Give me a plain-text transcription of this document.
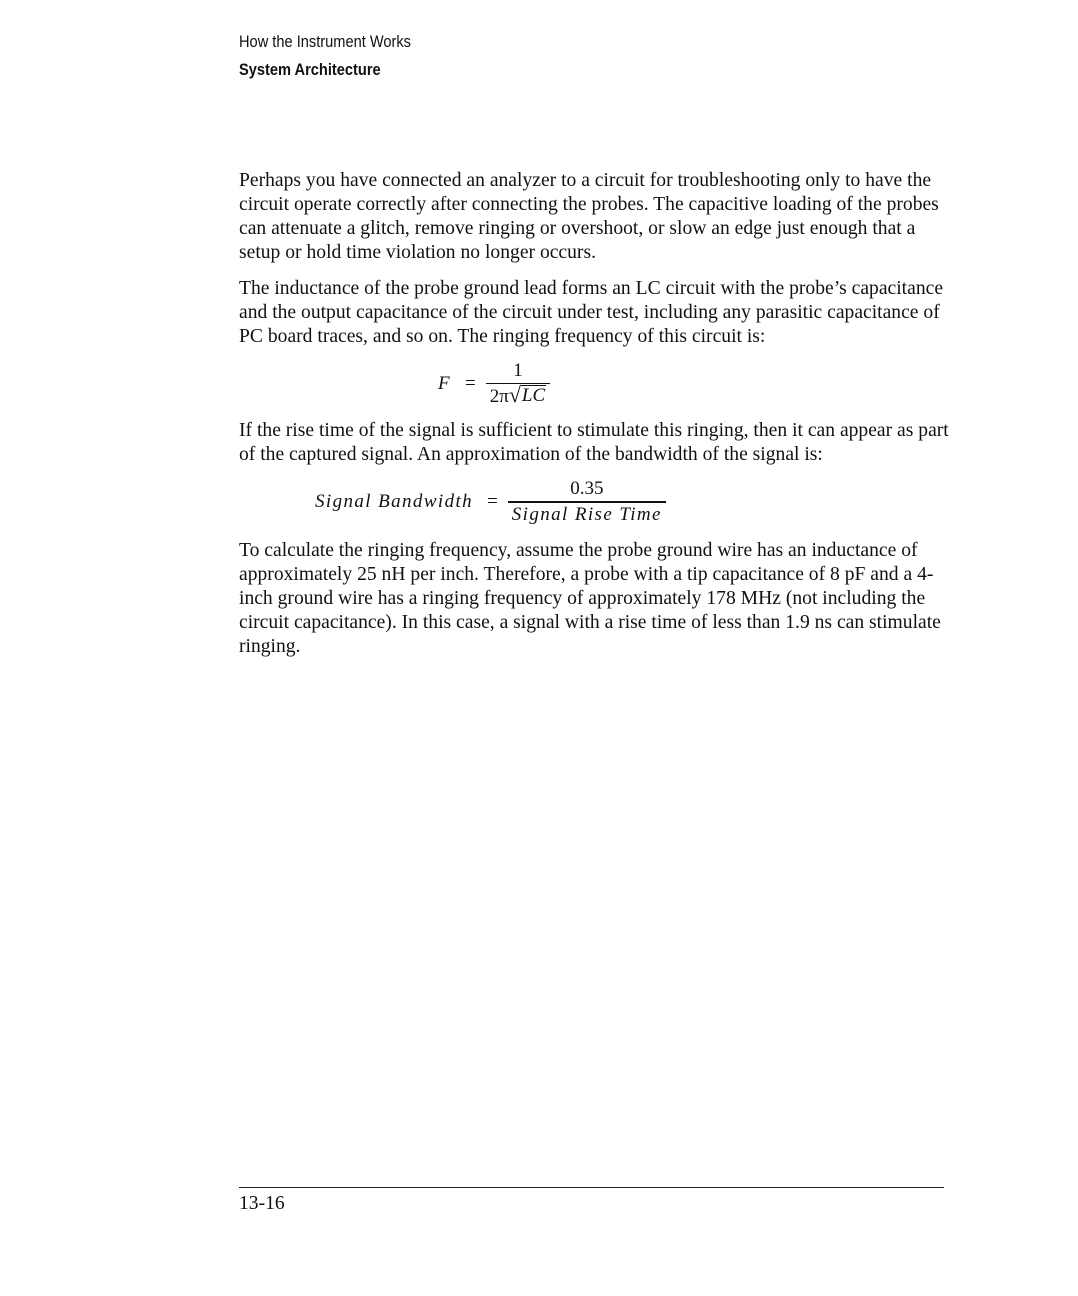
How the Instrument Works
System Architecture

Perhaps you have connected an analyzer to a circuit for troubleshooting only to have the circuit operate correctly after connecting the probes. The capacitive loading of the probes can attenuate a glitch, remove ringing or overshoot, or slow an edge just enough that a setup or hold time violation no longer occurs.

The inductance of the probe ground lead forms an LC circuit with the probe’s capacitance and the output capacitance of the circuit under test, including any parasitic capacitance of PC board traces, and so on. The ringing frequency of this circuit is:

$F = \frac{1}{2\pi √ LC}$

If the rise time of the signal is sufficient to stimulate this ringing, then it can appear as part of the captured signal. An approximation of the bandwidth of the signal is:

Signal Bandwidth = $\frac{0.35}{\text{Signal Rise Time}}$

To calculate the ringing frequency, assume the probe ground wire has an inductance of approximately 25 nH per inch. Therefore, a probe with a tip capacitance of 8 pF and a 4-inch ground wire has a ringing frequency of approximately 178 MHz (not including the circuit capacitance). In this case, a signal with a rise time of less than 1.9 ns can stimulate ringing.

13-16
